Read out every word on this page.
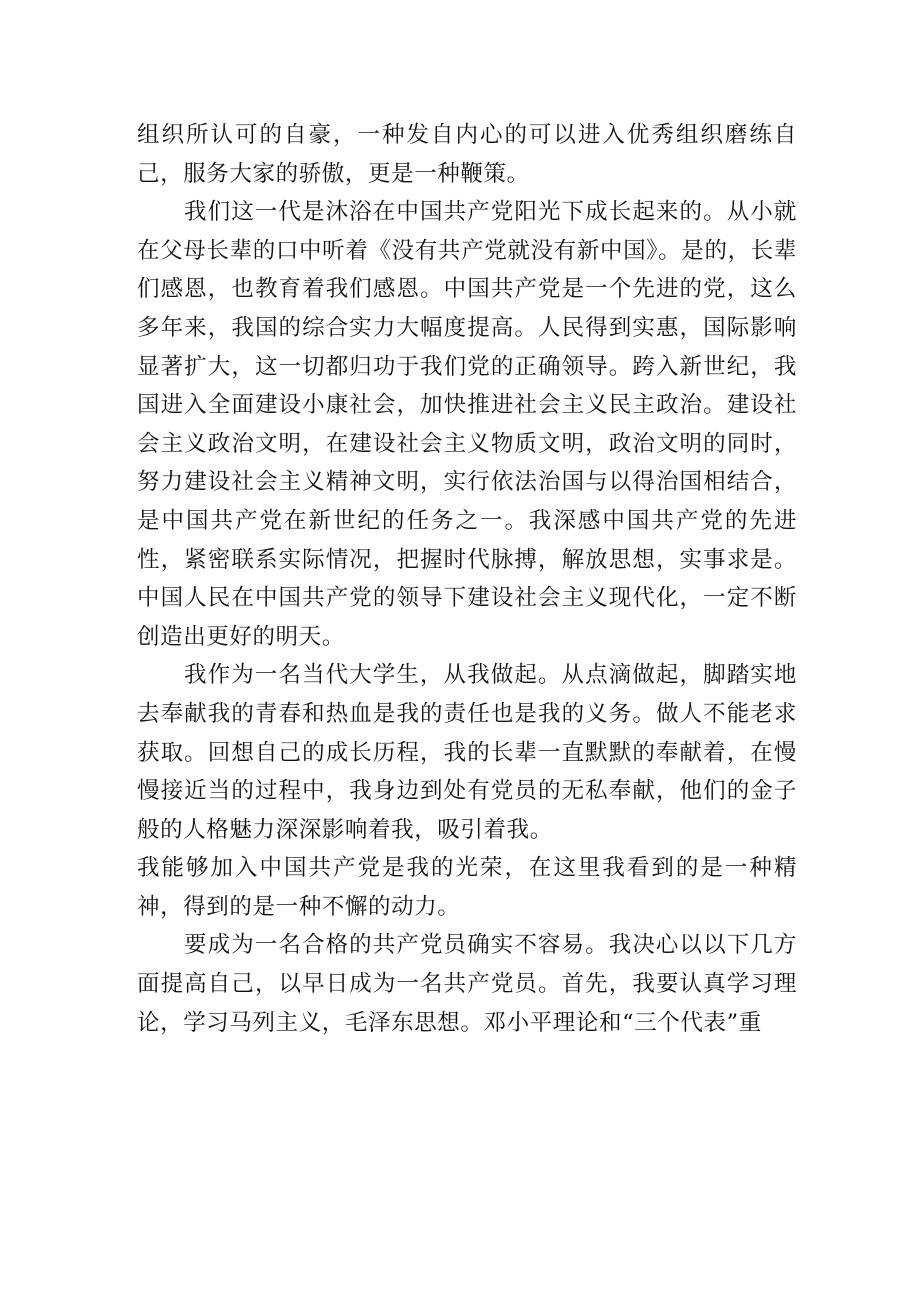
组织所认可的自豪，一种发自内心的可以进入优秀组织磨练自己，服务大家的骄傲，更是一种鞭策。

我们这一代是沐浴在中国共产党阳光下成长起来的。从小就在父母长辈的口中听着《没有共产党就没有新中国》。是的，长辈们感恩，也教育着我们感恩。中国共产党是一个先进的党，这么多年来，我国的综合实力大幅度提高。人民得到实惠，国际影响显著扩大，这一切都归功于我们党的正确领导。跨入新世纪，我国进入全面建设小康社会，加快推进社会主义民主政治。建设社会主义政治文明，在建设社会主义物质文明，政治文明的同时，努力建设社会主义精神文明，实行依法治国与以得治国相结合，是中国共产党在新世纪的任务之一。我深感中国共产党的先进性，紧密联系实际情况，把握时代脉搏，解放思想，实事求是。中国人民在中国共产党的领导下建设社会主义现代化，一定不断创造出更好的明天。

我作为一名当代大学生，从我做起。从点滴做起，脚踏实地去奉献我的青春和热血是我的责任也是我的义务。做人不能老求获取。回想自己的成长历程，我的长辈一直默默的奉献着，在慢慢接近当的过程中，我身边到处有党员的无私奉献，他们的金子般的人格魅力深深影响着我，吸引着我。

我能够加入中国共产党是我的光荣，在这里我看到的是一种精神，得到的是一种不懈的动力。

要成为一名合格的共产党员确实不容易。我决心以以下几方面提高自己，以早日成为一名共产党员。首先，我要认真学习理论，学习马列主义，毛泽东思想。邓小平理论和“三个代表”重
